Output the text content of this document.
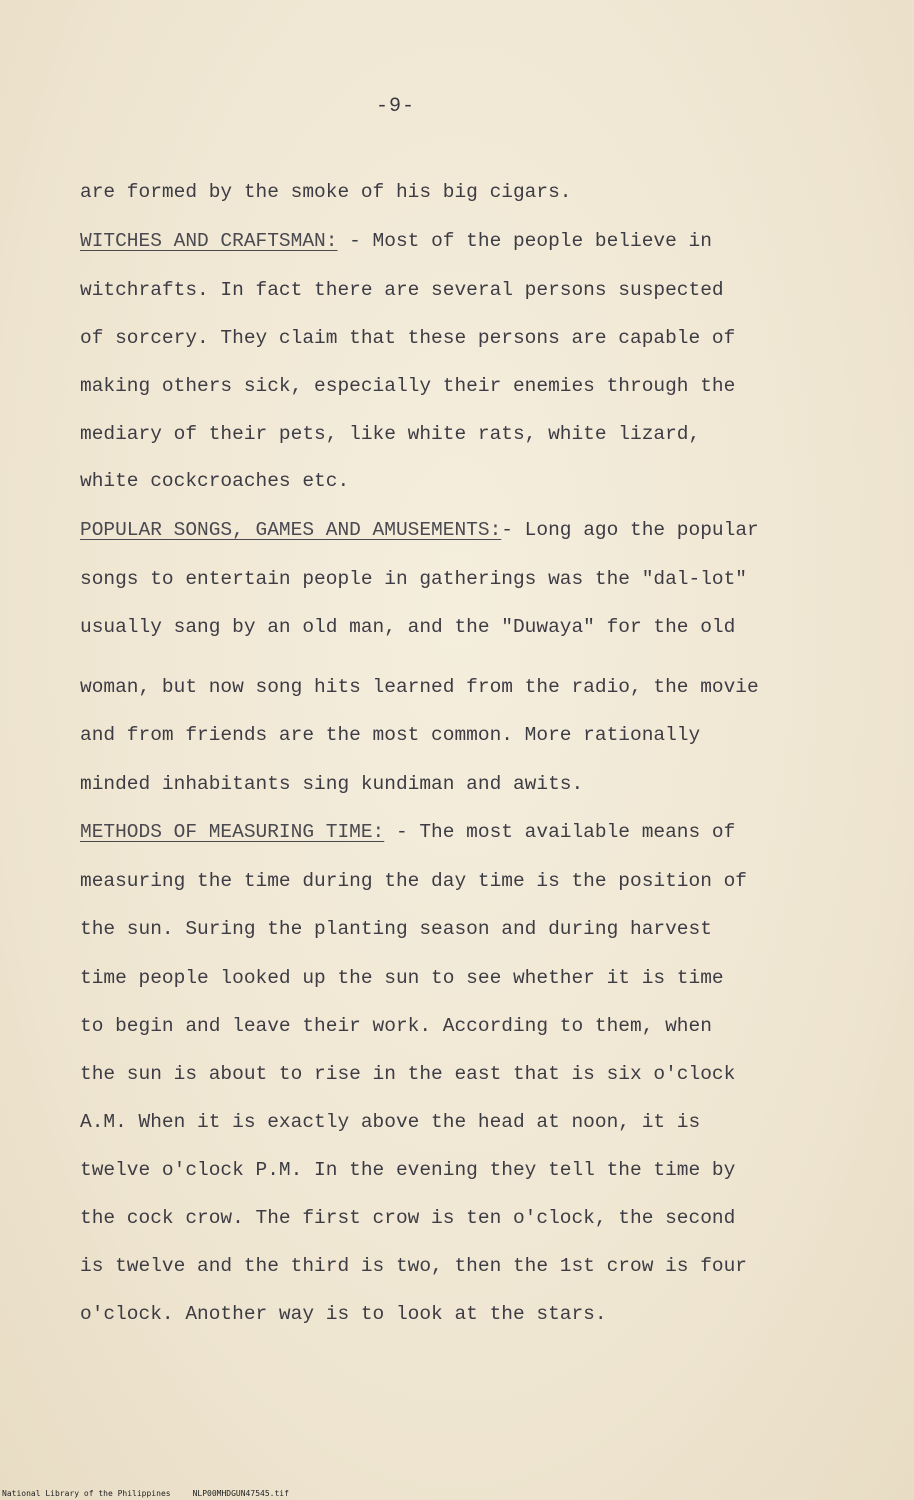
-9-
are formed by the smoke of his big cigars.
WITCHES AND CRAFTSMAN: - Most of the people believe in
witchrafts. In fact there are several persons suspected
of sorcery. They claim that these persons are capable of
making others sick, especially their enemies through the
mediary of their pets, like white rats, white lizard,
white cockcroaches etc.
POPULAR SONGS, GAMES AND AMUSEMENTS:- Long ago the popular
songs to entertain people in gatherings was the "dal-lot"
usually sang by an old man, and the "Duwaya" for the old
woman, but now song hits learned from the radio, the movie
and from friends are the most common. More rationally
minded inhabitants sing kundiman and awits.
METHODS OF MEASURING TIME: - The most available means of
measuring the time during the day time is the position of
the sun. Suring the planting season and during harvest
time people looked up the sun to see whether it is time
to begin and leave their work. According to them, when
the sun is about to rise in the east that is six o'clock
A.M. When it is exactly above the head at noon, it is
twelve o'clock P.M. In the evening they tell the time by
the cock crow. The first crow is ten o'clock, the second
is twelve and the third is two, then the 1st crow is four
o'clock. Another way is to look at the stars.
National Library of the Philippines	NLP00MHDGUN47545.tif
